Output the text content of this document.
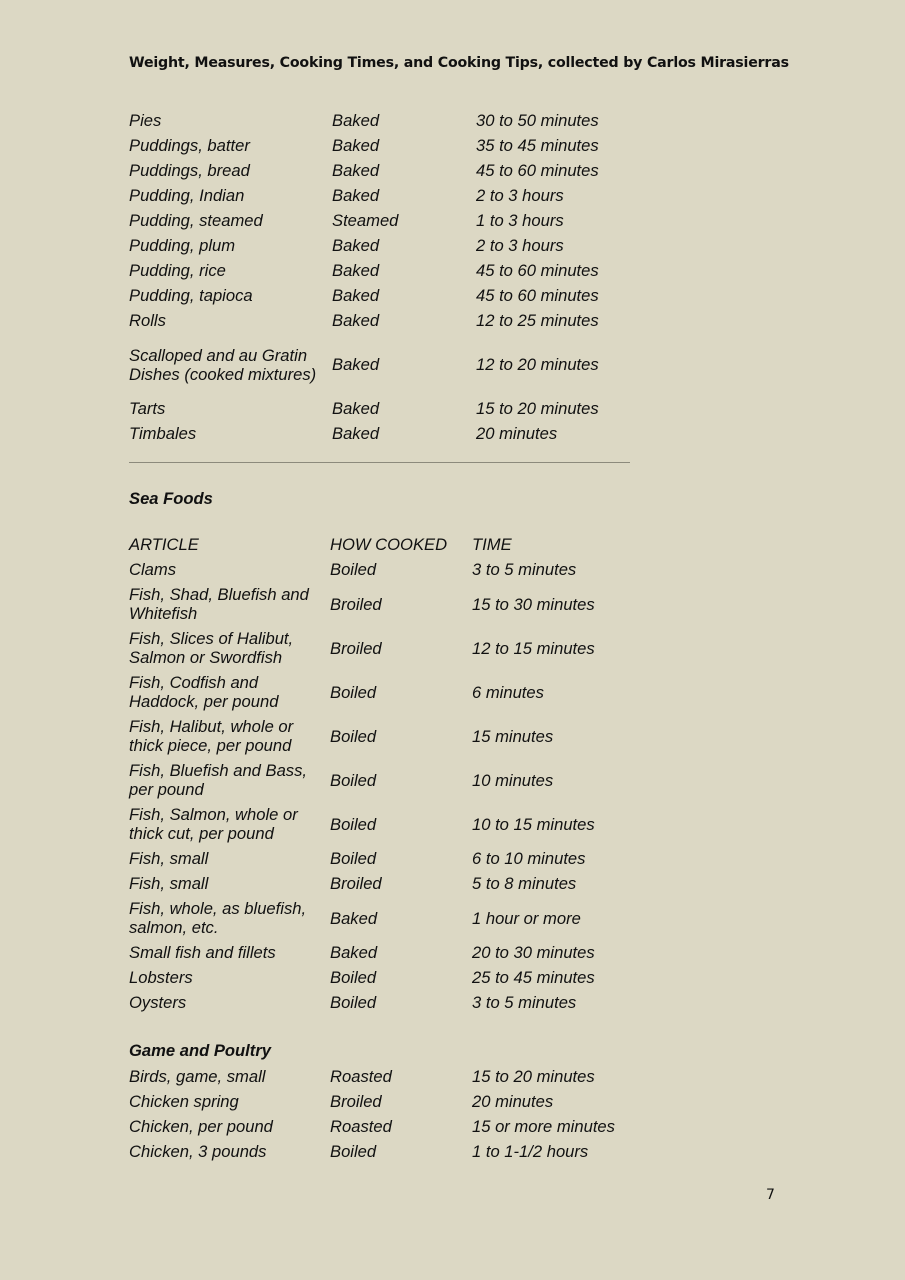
Weight, Measures, Cooking Times, and Cooking Tips, collected by Carlos Mirasierras
Pies	Baked	30 to 50 minutes
Puddings, batter	Baked	35 to 45 minutes
Puddings, bread	Baked	45 to 60 minutes
Pudding, Indian	Baked	2 to 3 hours
Pudding, steamed	Steamed	1 to 3 hours
Pudding, plum	Baked	2 to 3 hours
Pudding, rice	Baked	45 to 60 minutes
Pudding, tapioca	Baked	45 to 60 minutes
Rolls	Baked	12 to 25 minutes
Scalloped and au Gratin Dishes (cooked mixtures) Baked	12 to 20 minutes
Tarts	Baked	15 to 20 minutes
Timbales	Baked	20 minutes
Sea Foods
ARTICLE	HOW COOKED	TIME
Clams	Boiled	3 to 5 minutes
Fish, Shad, Bluefish and Whitefish	Broiled	15 to 30 minutes
Fish, Slices of Halibut, Salmon or Swordfish	Broiled	12 to 15 minutes
Fish, Codfish and Haddock, per pound	Boiled	6 minutes
Fish, Halibut, whole or thick piece, per pound	Boiled	15 minutes
Fish, Bluefish and Bass, per pound	Boiled	10 minutes
Fish, Salmon, whole or thick cut, per pound	Boiled	10 to 15 minutes
Fish, small	Boiled	6 to 10 minutes
Fish, small	Broiled	5 to 8 minutes
Fish, whole, as bluefish, salmon, etc.	Baked	1 hour or more
Small fish and fillets	Baked	20 to 30 minutes
Lobsters	Boiled	25 to 45 minutes
Oysters	Boiled	3 to 5 minutes
Game and Poultry
Birds, game, small	Roasted	15 to 20 minutes
Chicken spring	Broiled	20 minutes
Chicken, per pound	Roasted	15 or more minutes
Chicken, 3 pounds	Boiled	1 to 1-1/2 hours
7
